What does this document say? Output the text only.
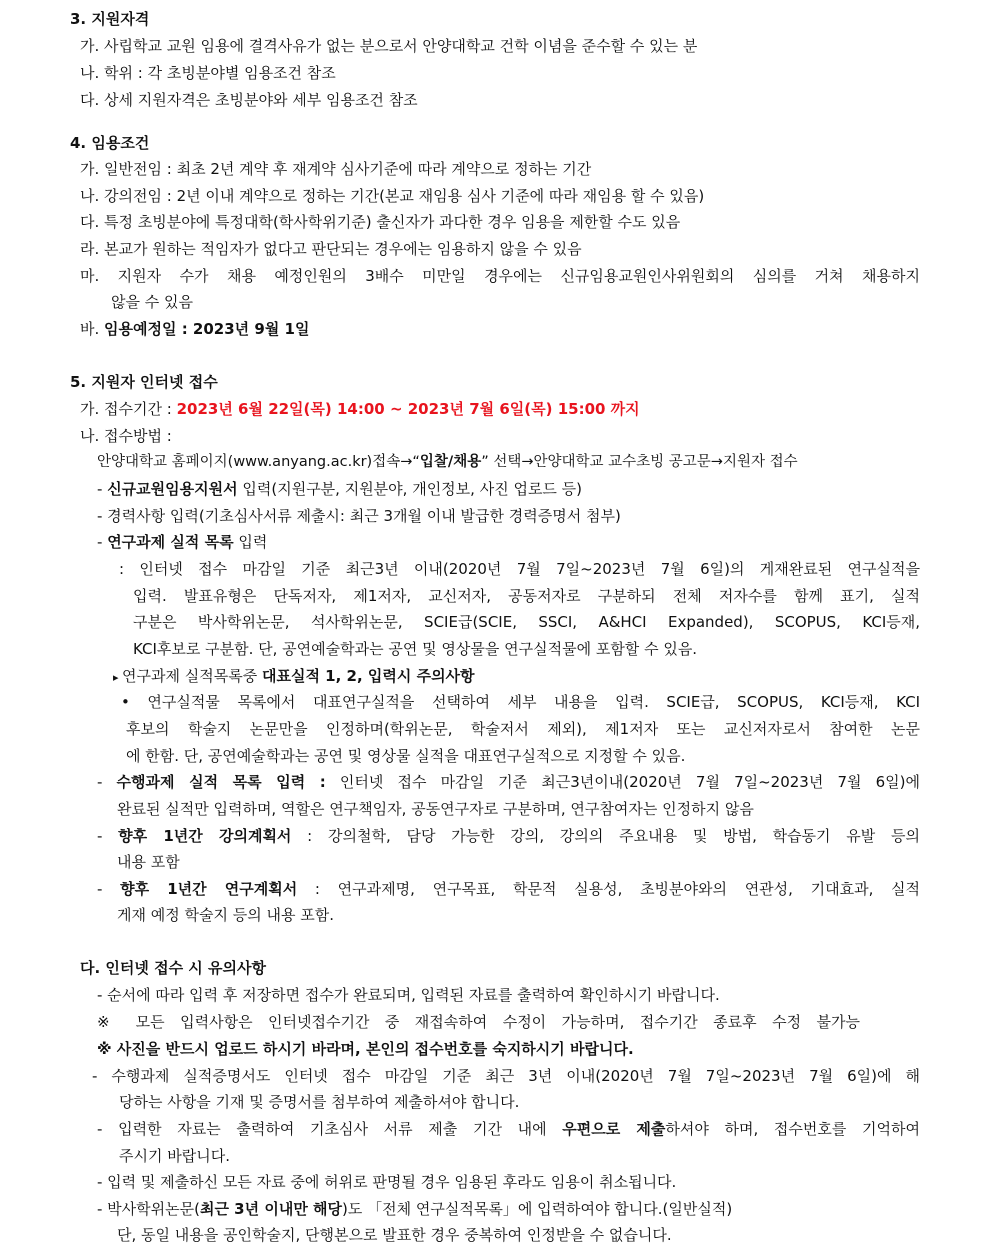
3. 지원자격
가. 사립학교 교원 임용에 결격사유가 없는 분으로서 안양대학교 건학 이념을 준수할 수 있는 분
나. 학위 : 각 초빙분야별 임용조건 참조
다. 상세 지원자격은 초빙분야와 세부 임용조건 참조
4. 임용조건
가. 일반전임 : 최초 2년 계약 후 재계약 심사기준에 따라 계약으로 정하는 기간
나. 강의전임 : 2년 이내 계약으로 정하는 기간(본교 재임용 심사 기준에 따라 재임용 할 수 있음)
다. 특정 초빙분야에 특정대학(학사학위기준) 출신자가 과다한 경우 임용을 제한할 수도 있음
라. 본교가 원하는 적임자가 없다고 판단되는 경우에는 임용하지 않을 수 있음
마. 지원자 수가 채용 예정인원의 3배수 미만일 경우에는 신규임용교원인사위원회의 심의를 거쳐 채용하지
않을 수 있음
바. 임용예정일 : 2023년 9월 1일
5. 지원자 인터넷 접수
가. 접수기간 : 2023년 6월 22일(목) 14:00 ~ 2023년 7월 6일(목) 15:00 까지
나. 접수방법 :
안양대학교 홈페이지(www.anyang.ac.kr)접속→“입찰/채용” 선택→안양대학교 교수초빙 공고문→지원자 접수
- 신규교원임용지원서 입력(지원구분, 지원분야, 개인정보, 사진 업로드 등)
- 경력사항 입력(기초심사서류 제출시: 최근 3개월 이내 발급한 경력증명서 첨부)
- 연구과제 실적 목록 입력
: 인터넷 접수 마감일 기준 최근3년 이내(2020년 7월 7일~2023년 7월 6일)의 게재완료된 연구실적을
입력. 발표유형은 단독저자, 제1저자, 교신저자, 공동저자로 구분하되 전체 저자수를 함께 표기, 실적
구분은 박사학위논문, 석사학위논문, SCIE급(SCIE, SSCI, A&HCI Expanded), SCOPUS, KCI등재,
KCI후보로 구분함. 단, 공연예술학과는 공연 및 영상물을 연구실적물에 포함할 수 있음.
▸ 연구과제 실적목록중 대표실적 1, 2, 입력시 주의사항
• 연구실적물 목록에서 대표연구실적을 선택하여 세부 내용을 입력. SCIE급, SCOPUS, KCI등재, KCI
후보의 학술지 논문만을 인정하며(학위논문, 학술저서 제외), 제1저자 또는 교신저자로서 참여한 논문
에 한함. 단, 공연예술학과는 공연 및 영상물 실적을 대표연구실적으로 지정할 수 있음.
- 수행과제 실적 목록 입력 : 인터넷 접수 마감일 기준 최근3년이내(2020년 7월 7일~2023년 7월 6일)에
완료된 실적만 입력하며, 역할은 연구책임자, 공동연구자로 구분하며, 연구참여자는 인정하지 않음
- 향후 1년간 강의계획서 : 강의철학, 담당 가능한 강의, 강의의 주요내용 및 방법, 학습동기 유발 등의
내용 포함
- 향후 1년간 연구계획서 : 연구과제명, 연구목표, 학문적 실용성, 초빙분야와의 연관성, 기대효과, 실적
게재 예정 학술지 등의 내용 포함.
다. 인터넷 접수 시 유의사항
- 순서에 따라 입력 후 저장하면 접수가 완료되며, 입력된 자료를 출력하여 확인하시기 바랍니다.
※ 모든 입력사항은 인터넷접수기간 중 재접속하여 수정이 가능하며, 접수기간 종료후 수정 불가능
※ 사진을 반드시 업로드 하시기 바라며, 본인의 접수번호를 숙지하시기 바랍니다.
- 수행과제 실적증명서도 인터넷 접수 마감일 기준 최근 3년 이내(2020년 7월 7일~2023년 7월 6일)에 해
당하는 사항을 기재 및 증명서를 첨부하여 제출하셔야 합니다.
- 입력한 자료는 출력하여 기초심사 서류 제출 기간 내에 우편으로 제출하셔야 하며, 접수번호를 기억하여
주시기 바랍니다.
- 입력 및 제출하신 모든 자료 중에 허위로 판명될 경우 임용된 후라도 임용이 취소됩니다.
- 박사학위논문(최근 3년 이내만 해당)도 「전체 연구실적목록」에 입력하여야 합니다.(일반실적)
단, 동일 내용을 공인학술지, 단행본으로 발표한 경우 중복하여 인정받을 수 없습니다.
